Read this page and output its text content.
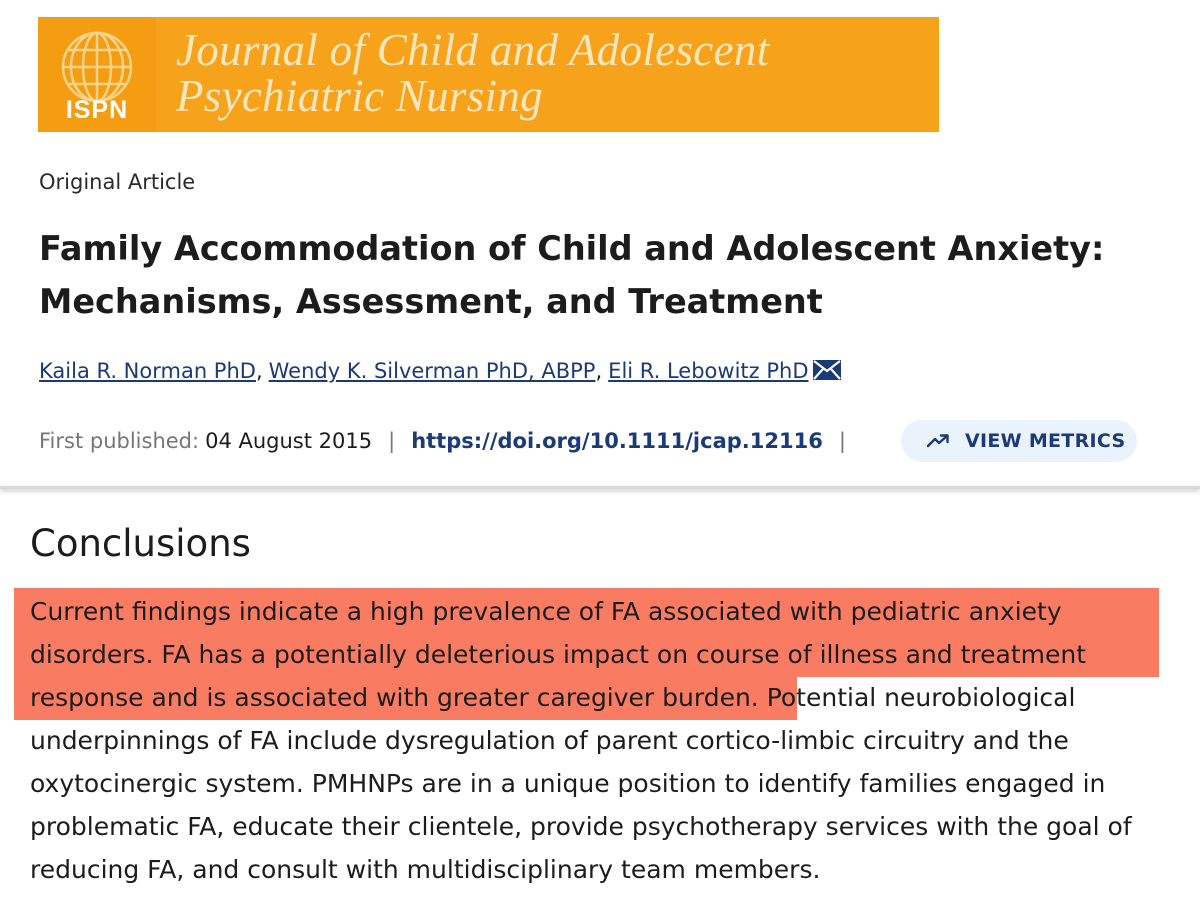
ISPN
Journal of Child and Adolescent
Psychiatric Nursing
Original Article
Family Accommodation of Child and Adolescent Anxiety:
Mechanisms, Assessment, and Treatment
Kaila R. Norman PhD, Wendy K. Silverman PhD, ABPP, Eli R. Lebowitz PhD
First published: 04 August 2015 | https://doi.org/10.1111/jcap.12116 |	VIEW METRICS
Conclusions

Current findings indicate a high prevalence of FA associated with pediatric anxiety
disorders. FA has a potentially deleterious impact on course of illness and treatment
response and is associated with greater caregiver burden. Potential neurobiological
underpinnings of FA include dysregulation of parent cortico-limbic circuitry and the
oxytocinergic system. PMHNPs are in a unique position to identify families engaged in
problematic FA, educate their clientele, provide psychotherapy services with the goal of
reducing FA, and consult with multidisciplinary team members.
